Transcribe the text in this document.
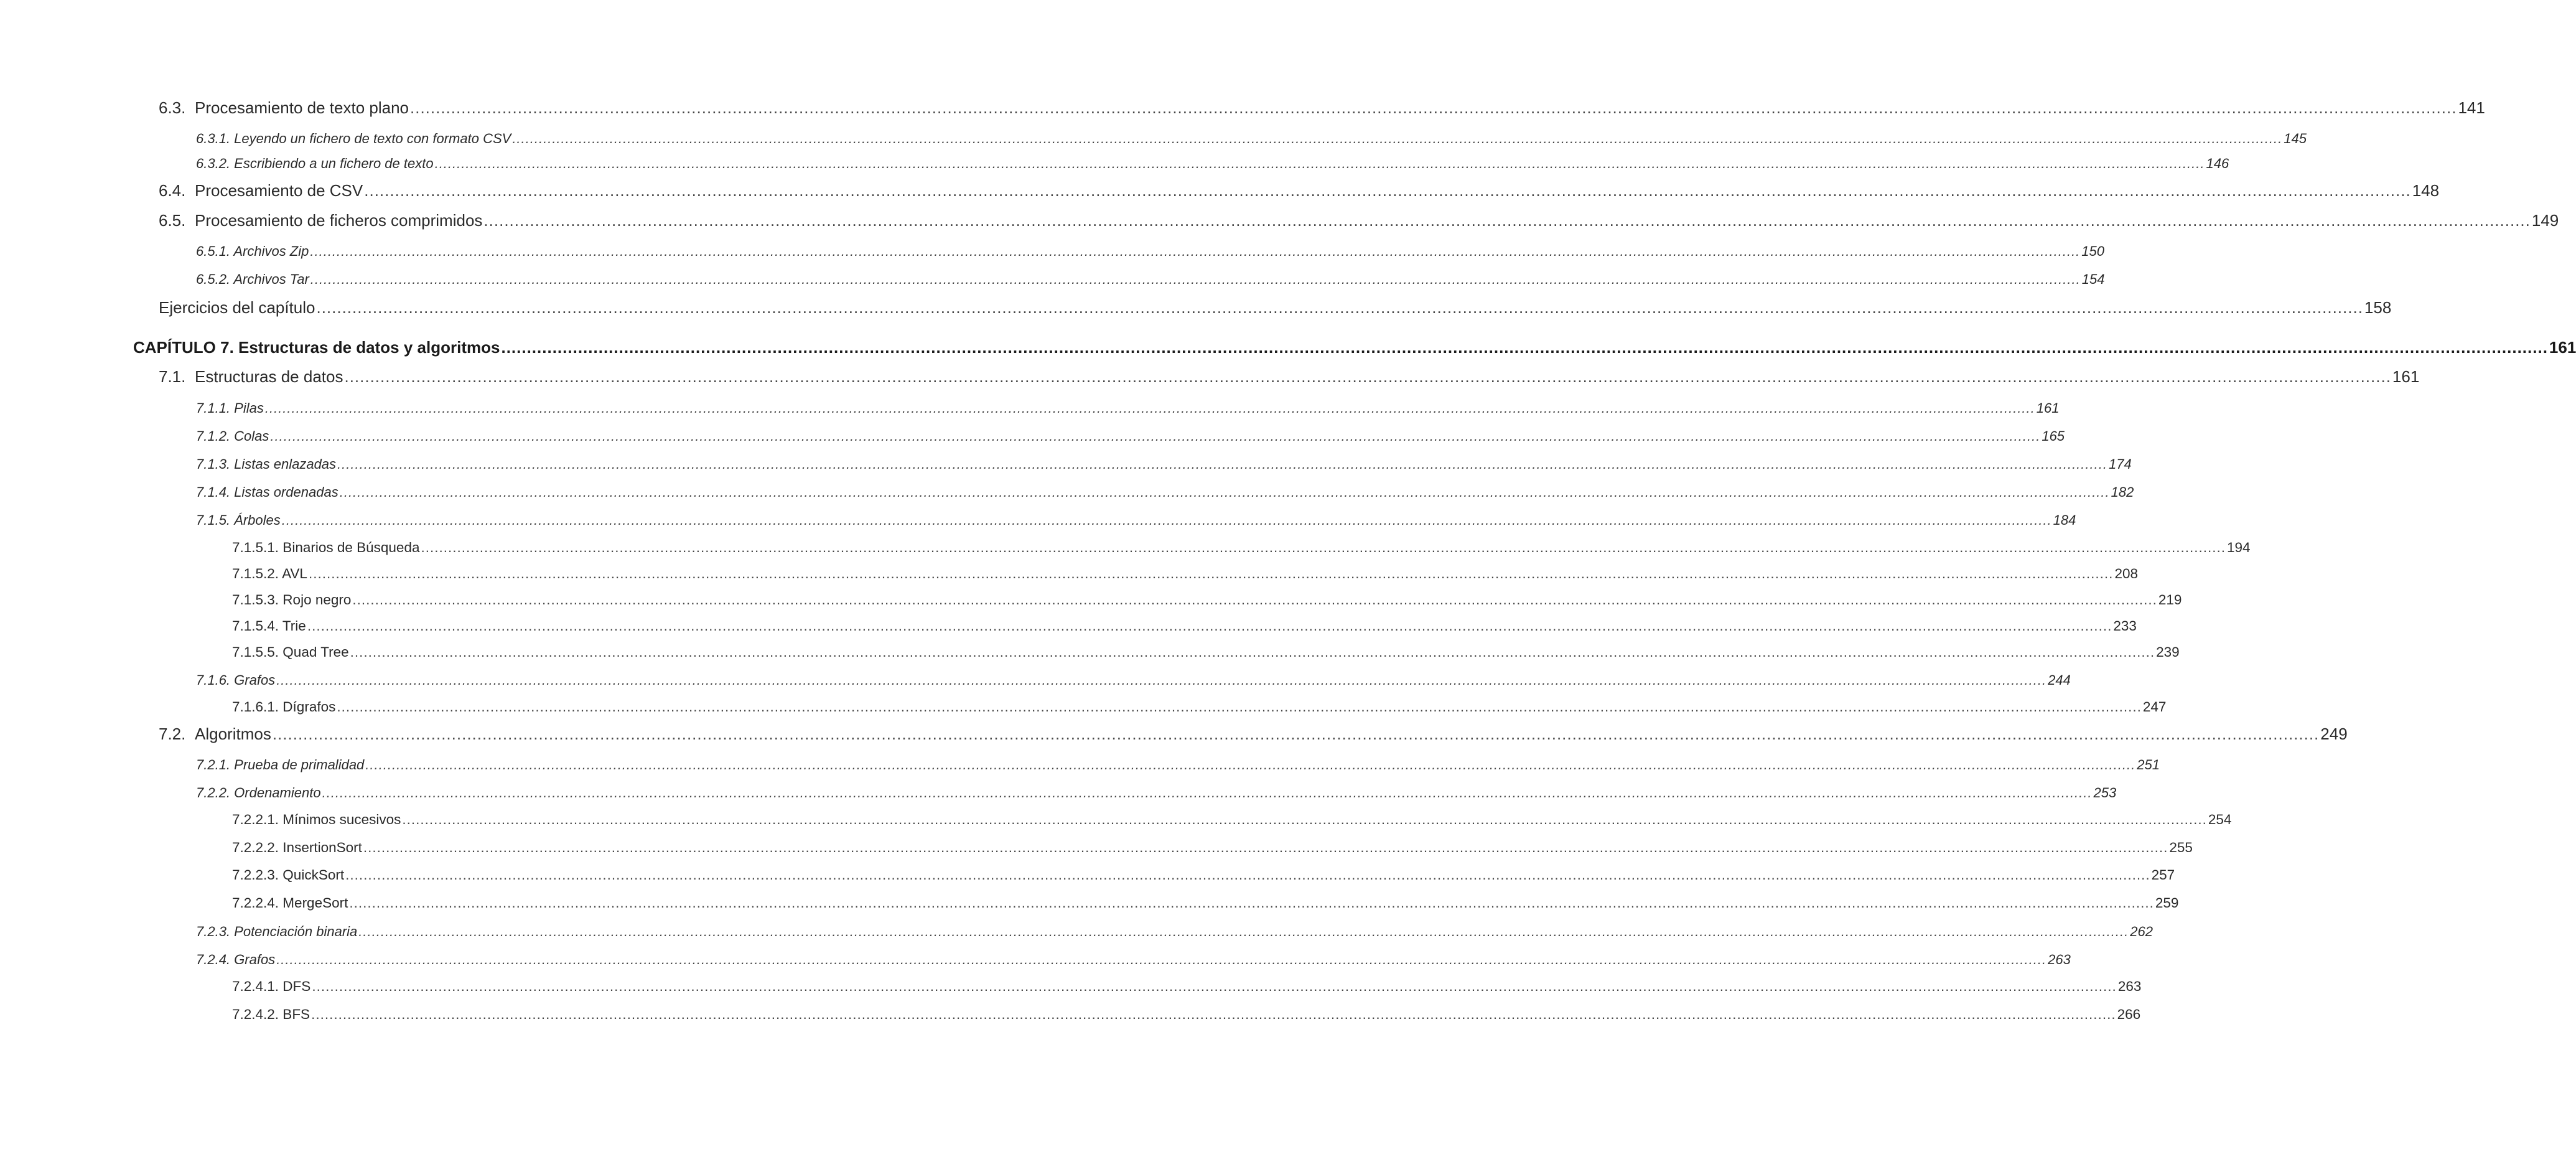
6.3. Procesamiento de texto plano ................................................................................................................................................................................................................................................................................................................................................................................................................ 141
6.3.1. Leyendo un fichero de texto con formato CSV ................................................................................................................................................................................................................................................................................................................................................................................................................ 145
6.3.2. Escribiendo a un fichero de texto ................................................................................................................................................................................................................................................................................................................................................................................................................ 146
6.4. Procesamiento de CSV ................................................................................................................................................................................................................................................................................................................................................................................................................ 148
6.5. Procesamiento de ficheros comprimidos ................................................................................................................................................................................................................................................................................................................................................................................................................ 149
6.5.1. Archivos Zip ................................................................................................................................................................................................................................................................................................................................................................................................................ 150
6.5.2. Archivos Tar ................................................................................................................................................................................................................................................................................................................................................................................................................ 154
Ejercicios del capítulo ................................................................................................................................................................................................................................................................................................................................................................................................................ 158
CAPÍTULO 7. Estructuras de datos y algoritmos ................................................................................................................................................................................................................................................................................................................................................................................................................ 161
7.1. Estructuras de datos ................................................................................................................................................................................................................................................................................................................................................................................................................ 161
7.1.1. Pilas ................................................................................................................................................................................................................................................................................................................................................................................................................ 161
7.1.2. Colas ................................................................................................................................................................................................................................................................................................................................................................................................................ 165
7.1.3. Listas enlazadas ................................................................................................................................................................................................................................................................................................................................................................................................................ 174
7.1.4. Listas ordenadas ................................................................................................................................................................................................................................................................................................................................................................................................................ 182
7.1.5. Árboles ................................................................................................................................................................................................................................................................................................................................................................................................................ 184
7.1.5.1. Binarios de Búsqueda ................................................................................................................................................................................................................................................................................................................................................................................................................ 194
7.1.5.2. AVL ................................................................................................................................................................................................................................................................................................................................................................................................................ 208
7.1.5.3. Rojo negro ................................................................................................................................................................................................................................................................................................................................................................................................................ 219
7.1.5.4. Trie ................................................................................................................................................................................................................................................................................................................................................................................................................ 233
7.1.5.5. Quad Tree ................................................................................................................................................................................................................................................................................................................................................................................................................ 239
7.1.6. Grafos ................................................................................................................................................................................................................................................................................................................................................................................................................ 244
7.1.6.1. Dígrafos ................................................................................................................................................................................................................................................................................................................................................................................................................ 247
7.2. Algoritmos ................................................................................................................................................................................................................................................................................................................................................................................................................ 249
7.2.1. Prueba de primalidad ................................................................................................................................................................................................................................................................................................................................................................................................................ 251
7.2.2. Ordenamiento ................................................................................................................................................................................................................................................................................................................................................................................................................ 253
7.2.2.1. Mínimos sucesivos ................................................................................................................................................................................................................................................................................................................................................................................................................ 254
7.2.2.2. InsertionSort ................................................................................................................................................................................................................................................................................................................................................................................................................ 255
7.2.2.3. QuickSort ................................................................................................................................................................................................................................................................................................................................................................................................................ 257
7.2.2.4. MergeSort ................................................................................................................................................................................................................................................................................................................................................................................................................ 259
7.2.3. Potenciación binaria ................................................................................................................................................................................................................................................................................................................................................................................................................ 262
7.2.4. Grafos ................................................................................................................................................................................................................................................................................................................................................................................................................ 263
7.2.4.1. DFS ................................................................................................................................................................................................................................................................................................................................................................................................................ 263
7.2.4.2. BFS ................................................................................................................................................................................................................................................................................................................................................................................................................ 266
